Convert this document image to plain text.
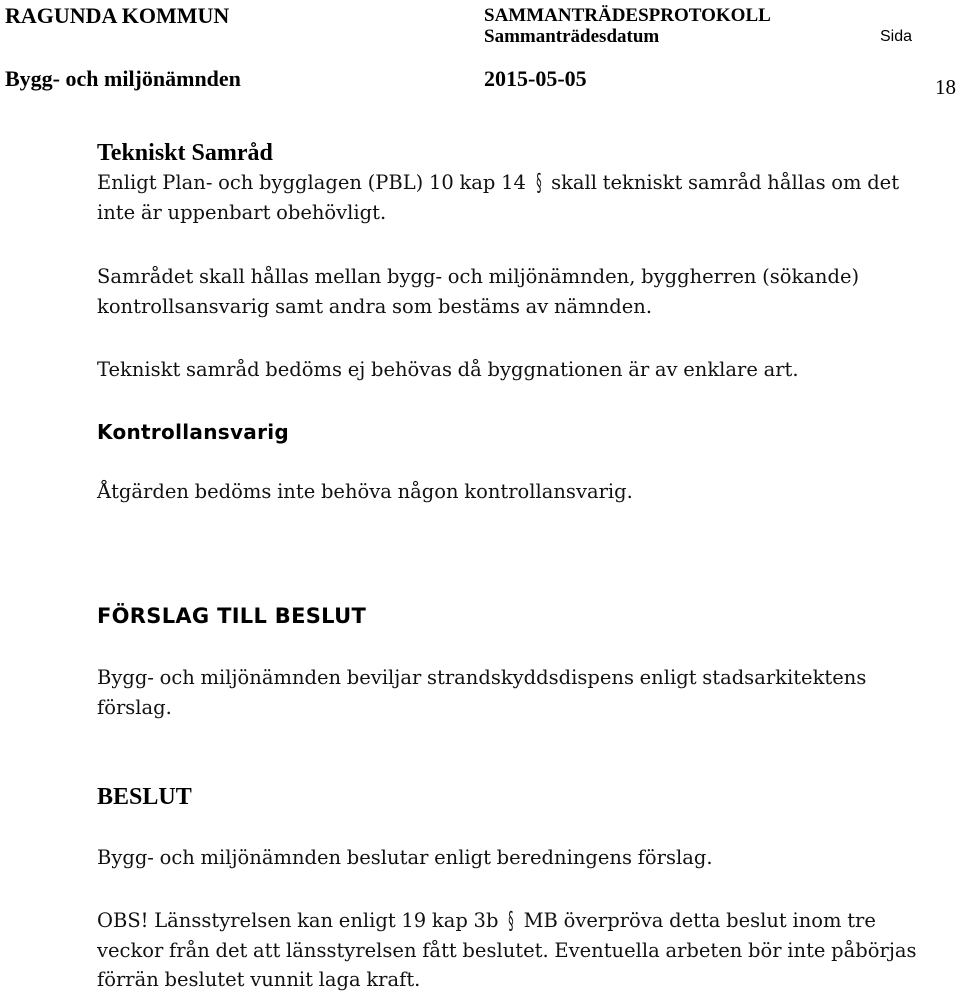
RAGUNDA KOMMUN	SAMMANTRÄDESPROTOKOLL
Sammanträdesdatum	Sida
Bygg- och miljönämnden	2015-05-05	18
Tekniskt Samråd

Enligt Plan- och bygglagen (PBL) 10 kap 14 § skall tekniskt samråd hållas om det inte är uppenbart obehövligt.

Samrådet skall hållas mellan bygg- och miljönämnden, byggherren (sökande) kontrollsansvarig samt andra som bestäms av nämnden.

Tekniskt samråd bedöms ej behövas då byggnationen är av enklare art.

Kontrollansvarig

Åtgärden bedöms inte behöva någon kontrollansvarig.

FÖRSLAG TILL BESLUT

Bygg- och miljönämnden beviljar strandskyddsdispens enligt stadsarkitektens förslag.

BESLUT

Bygg- och miljönämnden beslutar enligt beredningens förslag.

OBS! Länsstyrelsen kan enligt 19 kap 3b § MB överpröva detta beslut inom tre veckor från det att länsstyrelsen fått beslutet. Eventuella arbeten bör inte påbörjas förrän beslutet vunnit laga kraft.
